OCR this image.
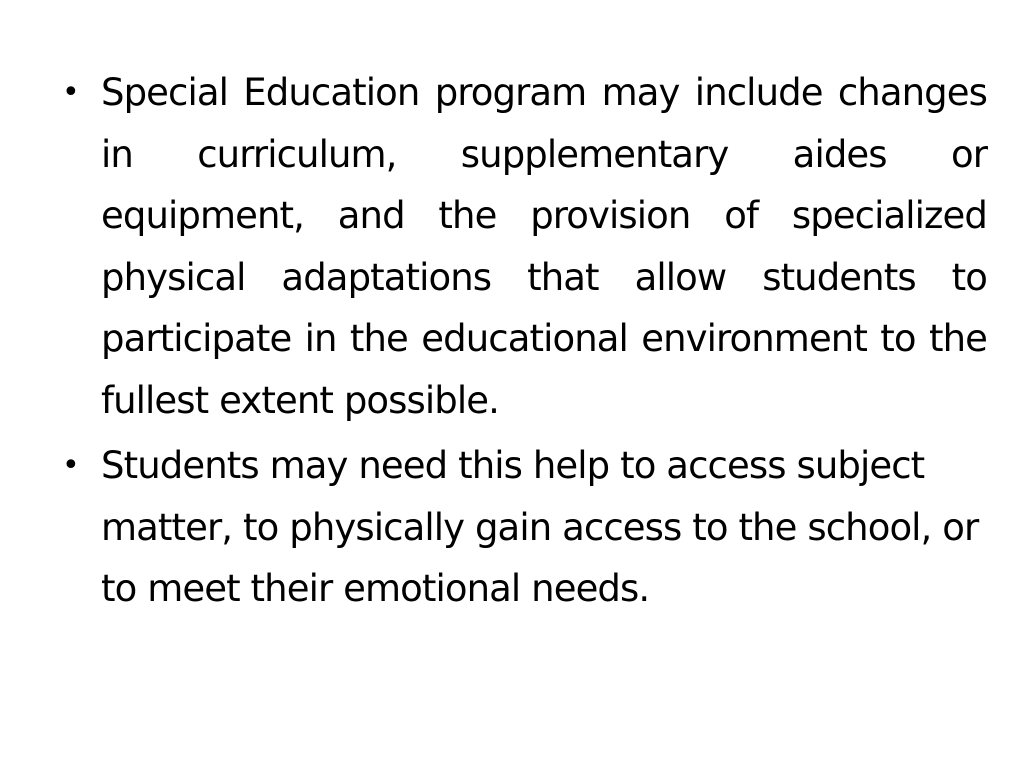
• Special Education program may include changes in curriculum, supplementary aides or equipment, and the provision of specialized physical adaptations that allow students to participate in the educational environment to the fullest extent possible.
• Students may need this help to access subject matter, to physically gain access to the school, or to meet their emotional needs.
